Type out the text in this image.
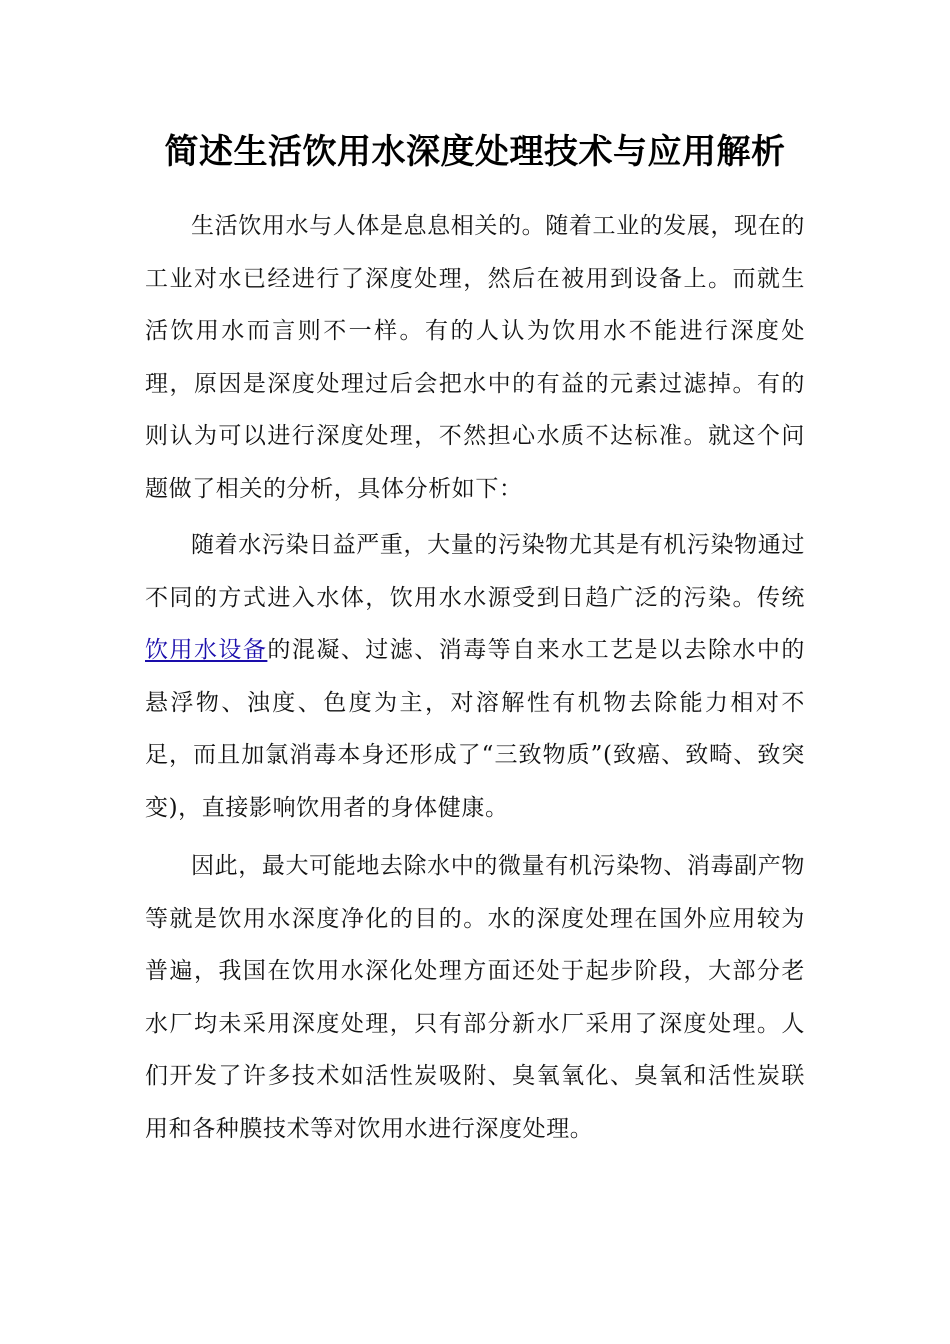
简述生活饮用水深度处理技术与应用解析

生活饮用水与人体是息息相关的。随着工业的发展，现在的工业对水已经进行了深度处理，然后在被用到设备上。而就生活饮用水而言则不一样。有的人认为饮用水不能进行深度处理，原因是深度处理过后会把水中的有益的元素过滤掉。有的则认为可以进行深度处理，不然担心水质不达标准。就这个问题做了相关的分析，具体分析如下：

随着水污染日益严重，大量的污染物尤其是有机污染物通过不同的方式进入水体，饮用水水源受到日趋广泛的污染。传统饮用水设备的混凝、过滤、消毒等自来水工艺是以去除水中的悬浮物、浊度、色度为主，对溶解性有机物去除能力相对不足，而且加氯消毒本身还形成了“三致物质”(致癌、致畸、致突变)，直接影响饮用者的身体健康。

因此，最大可能地去除水中的微量有机污染物、消毒副产物等就是饮用水深度净化的目的。水的深度处理在国外应用较为普遍，我国在饮用水深化处理方面还处于起步阶段，大部分老水厂均未采用深度处理，只有部分新水厂采用了深度处理。人们开发了许多技术如活性炭吸附、臭氧氧化、臭氧和活性炭联用和各种膜技术等对饮用水进行深度处理。
